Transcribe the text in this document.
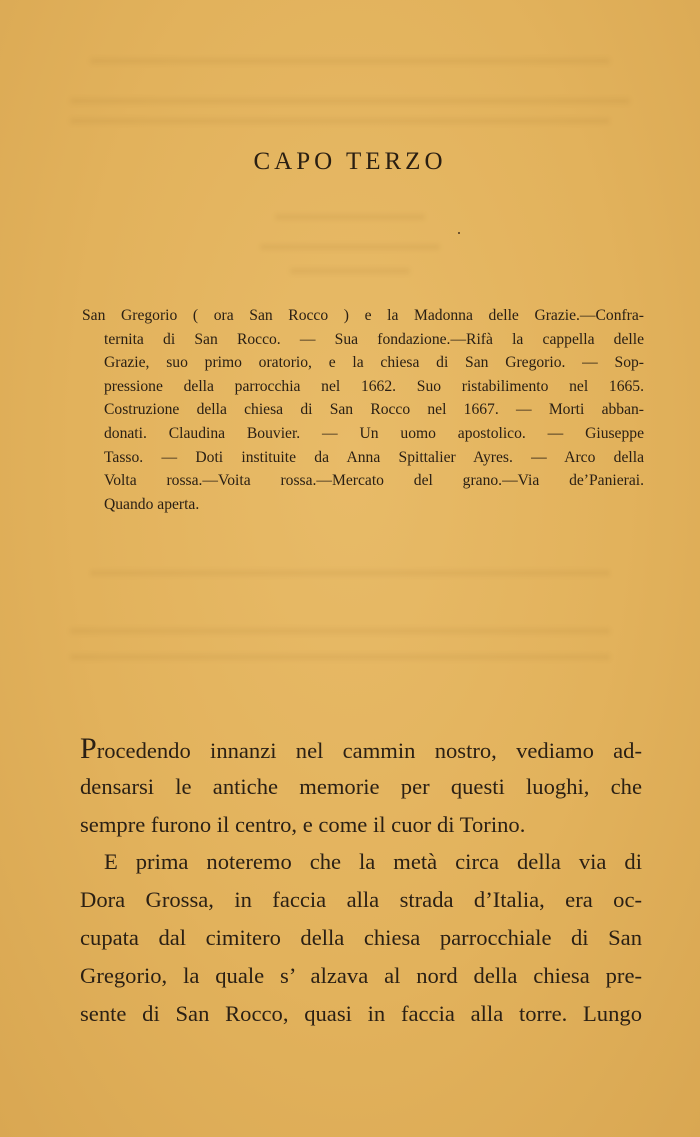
CAPO TERZO
San Gregorio ( ora San Rocco ) e la Madonna delle Grazie.—Confra-
ternita di San Rocco. — Sua fondazione.—Rifà la cappella delle
Grazie, suo primo oratorio, e la chiesa di San Gregorio. — Sop-
pressione della parrocchia nel 1662. Suo ristabilimento nel 1665.
Costruzione della chiesa di San Rocco nel 1667. — Morti abban-
donati. Claudina Bouvier. — Un uomo apostolico. — Giuseppe
Tasso. — Doti instituite da Anna Spittalier Ayres. — Arco della
Volta rossa.—Voita rossa.—Mercato del grano.—Via de’Panierai.
Quando aperta.
Procedendo innanzi nel cammin nostro, vediamo ad-
densarsi le antiche memorie per questi luoghi, che
sempre furono il centro, e come il cuor di Torino.
E prima noteremo che la metà circa della via di
Dora Grossa, in faccia alla strada d’Italia, era oc-
cupata dal cimitero della chiesa parrocchiale di San
Gregorio, la quale s’ alzava al nord della chiesa pre-
sente di San Rocco, quasi in faccia alla torre. Lungo
